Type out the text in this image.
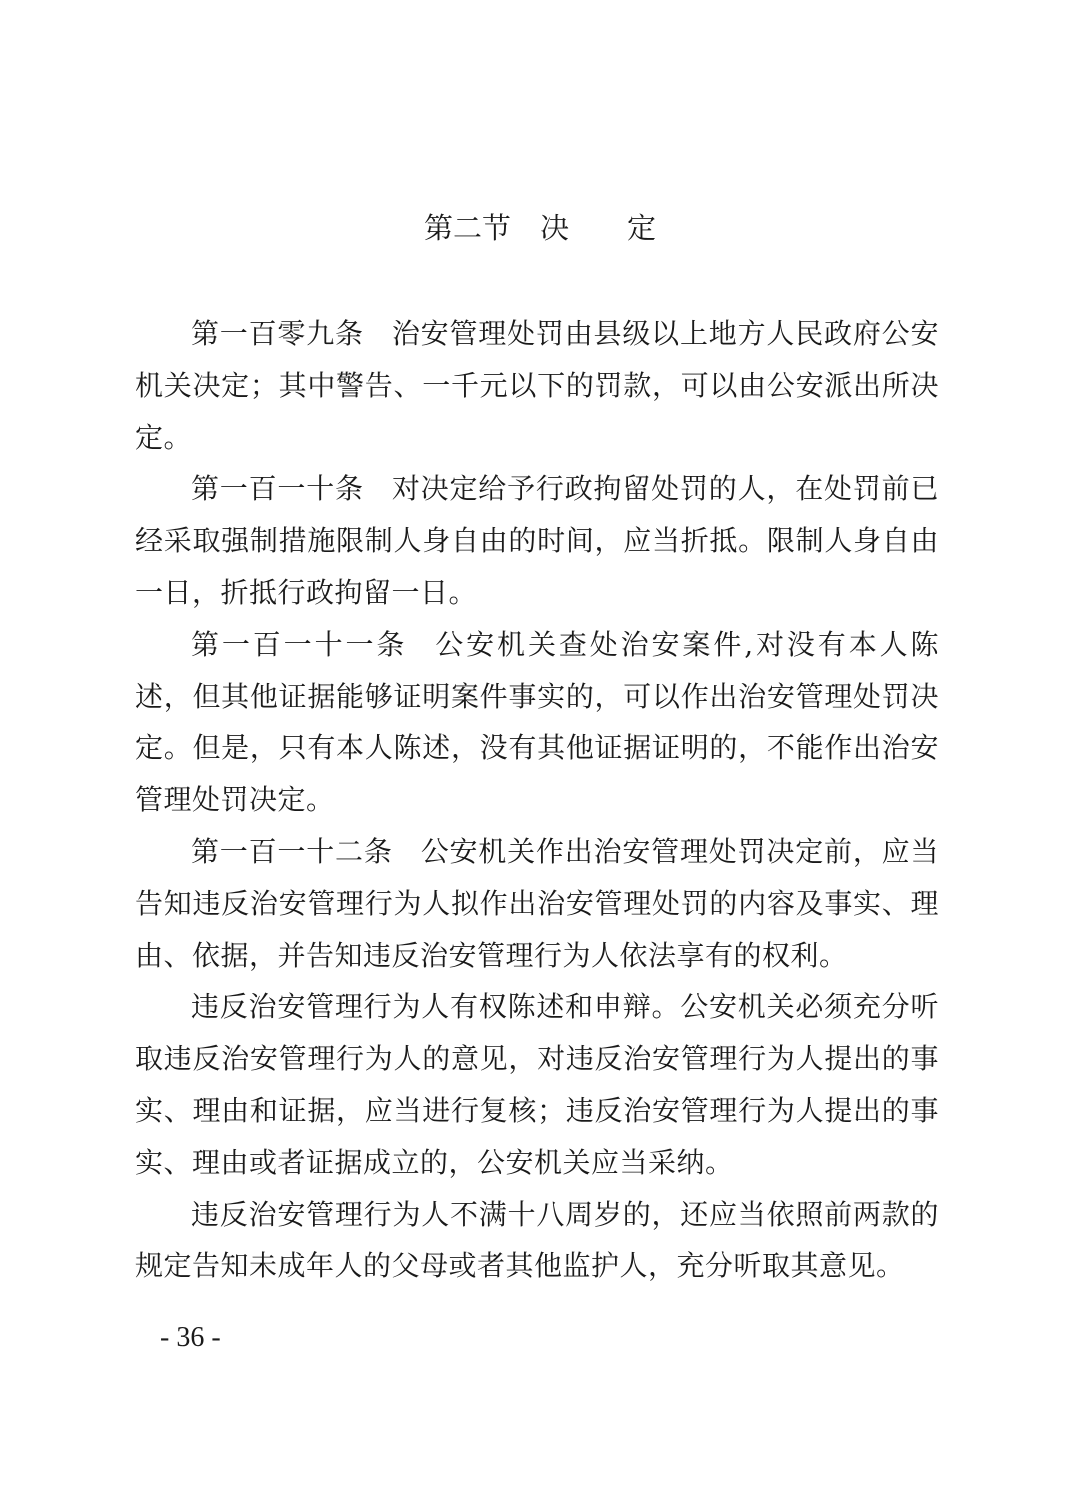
第二节　决　　定

第一百零九条 治安管理处罚由县级以上地方人民政府公安机关决定；其中警告、一千元以下的罚款，可以由公安派出所决定。

第一百一十条 对决定给予行政拘留处罚的人，在处罚前已经采取强制措施限制人身自由的时间，应当折抵。限制人身自由一日，折抵行政拘留一日。

第一百一十一条 公安机关查处治安案件,对没有本人陈述，但其他证据能够证明案件事实的，可以作出治安管理处罚决定。但是，只有本人陈述，没有其他证据证明的，不能作出治安管理处罚决定。

第一百一十二条 公安机关作出治安管理处罚决定前，应当告知违反治安管理行为人拟作出治安管理处罚的内容及事实、理由、依据，并告知违反治安管理行为人依法享有的权利。

违反治安管理行为人有权陈述和申辩。公安机关必须充分听取违反治安管理行为人的意见，对违反治安管理行为人提出的事实、理由和证据，应当进行复核；违反治安管理行为人提出的事实、理由或者证据成立的，公安机关应当采纳。

违反治安管理行为人不满十八周岁的，还应当依照前两款的规定告知未成年人的父母或者其他监护人，充分听取其意见。

- 36 -
